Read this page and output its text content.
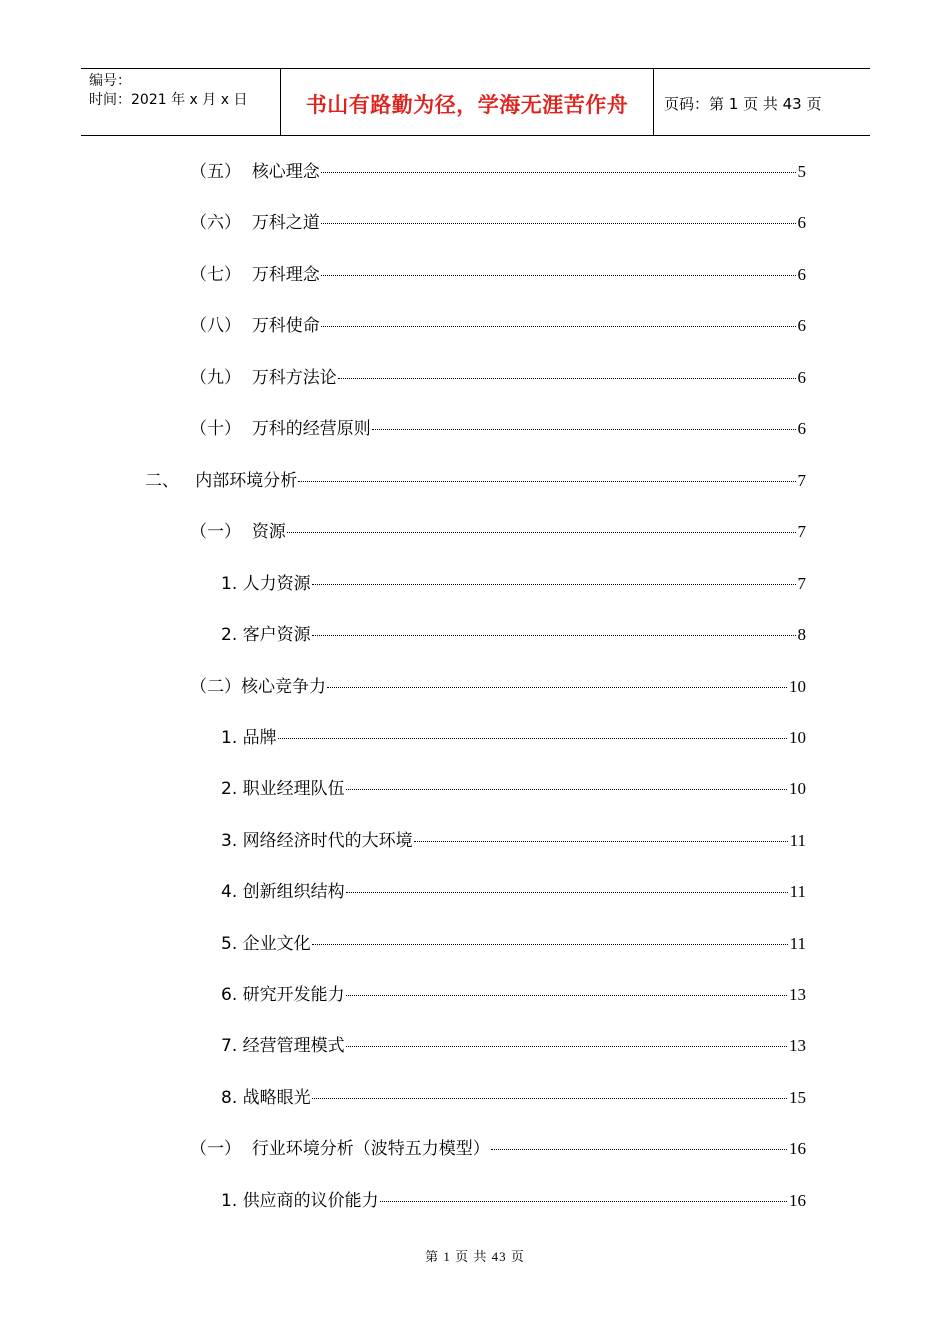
编号：
时间：2021 年 x 月 x 日	书山有路勤为径，学海无涯苦作舟 页码：第 1 页 共 43 页
（五） 核心理念	5
（六） 万科之道	6
（七） 万科理念	6
（八） 万科使命	6
（九） 万科方法论	6
（十） 万科的经营原则	6
二、 内部环境分析	7
（一） 资源	7
1. 人力资源	7
2. 客户资源	8
（二） 核心竞争力	10
1. 品牌	10
2. 职业经理队伍	10
3. 网络经济时代的大环境	11
4. 创新组织结构	11
5. 企业文化	11
6. 研究开发能力	13
7. 经营管理模式	13
8. 战略眼光	15
（一） 行业环境分析（波特五力模型）	16
1. 供应商的议价能力	16
第 1 页 共 43 页
